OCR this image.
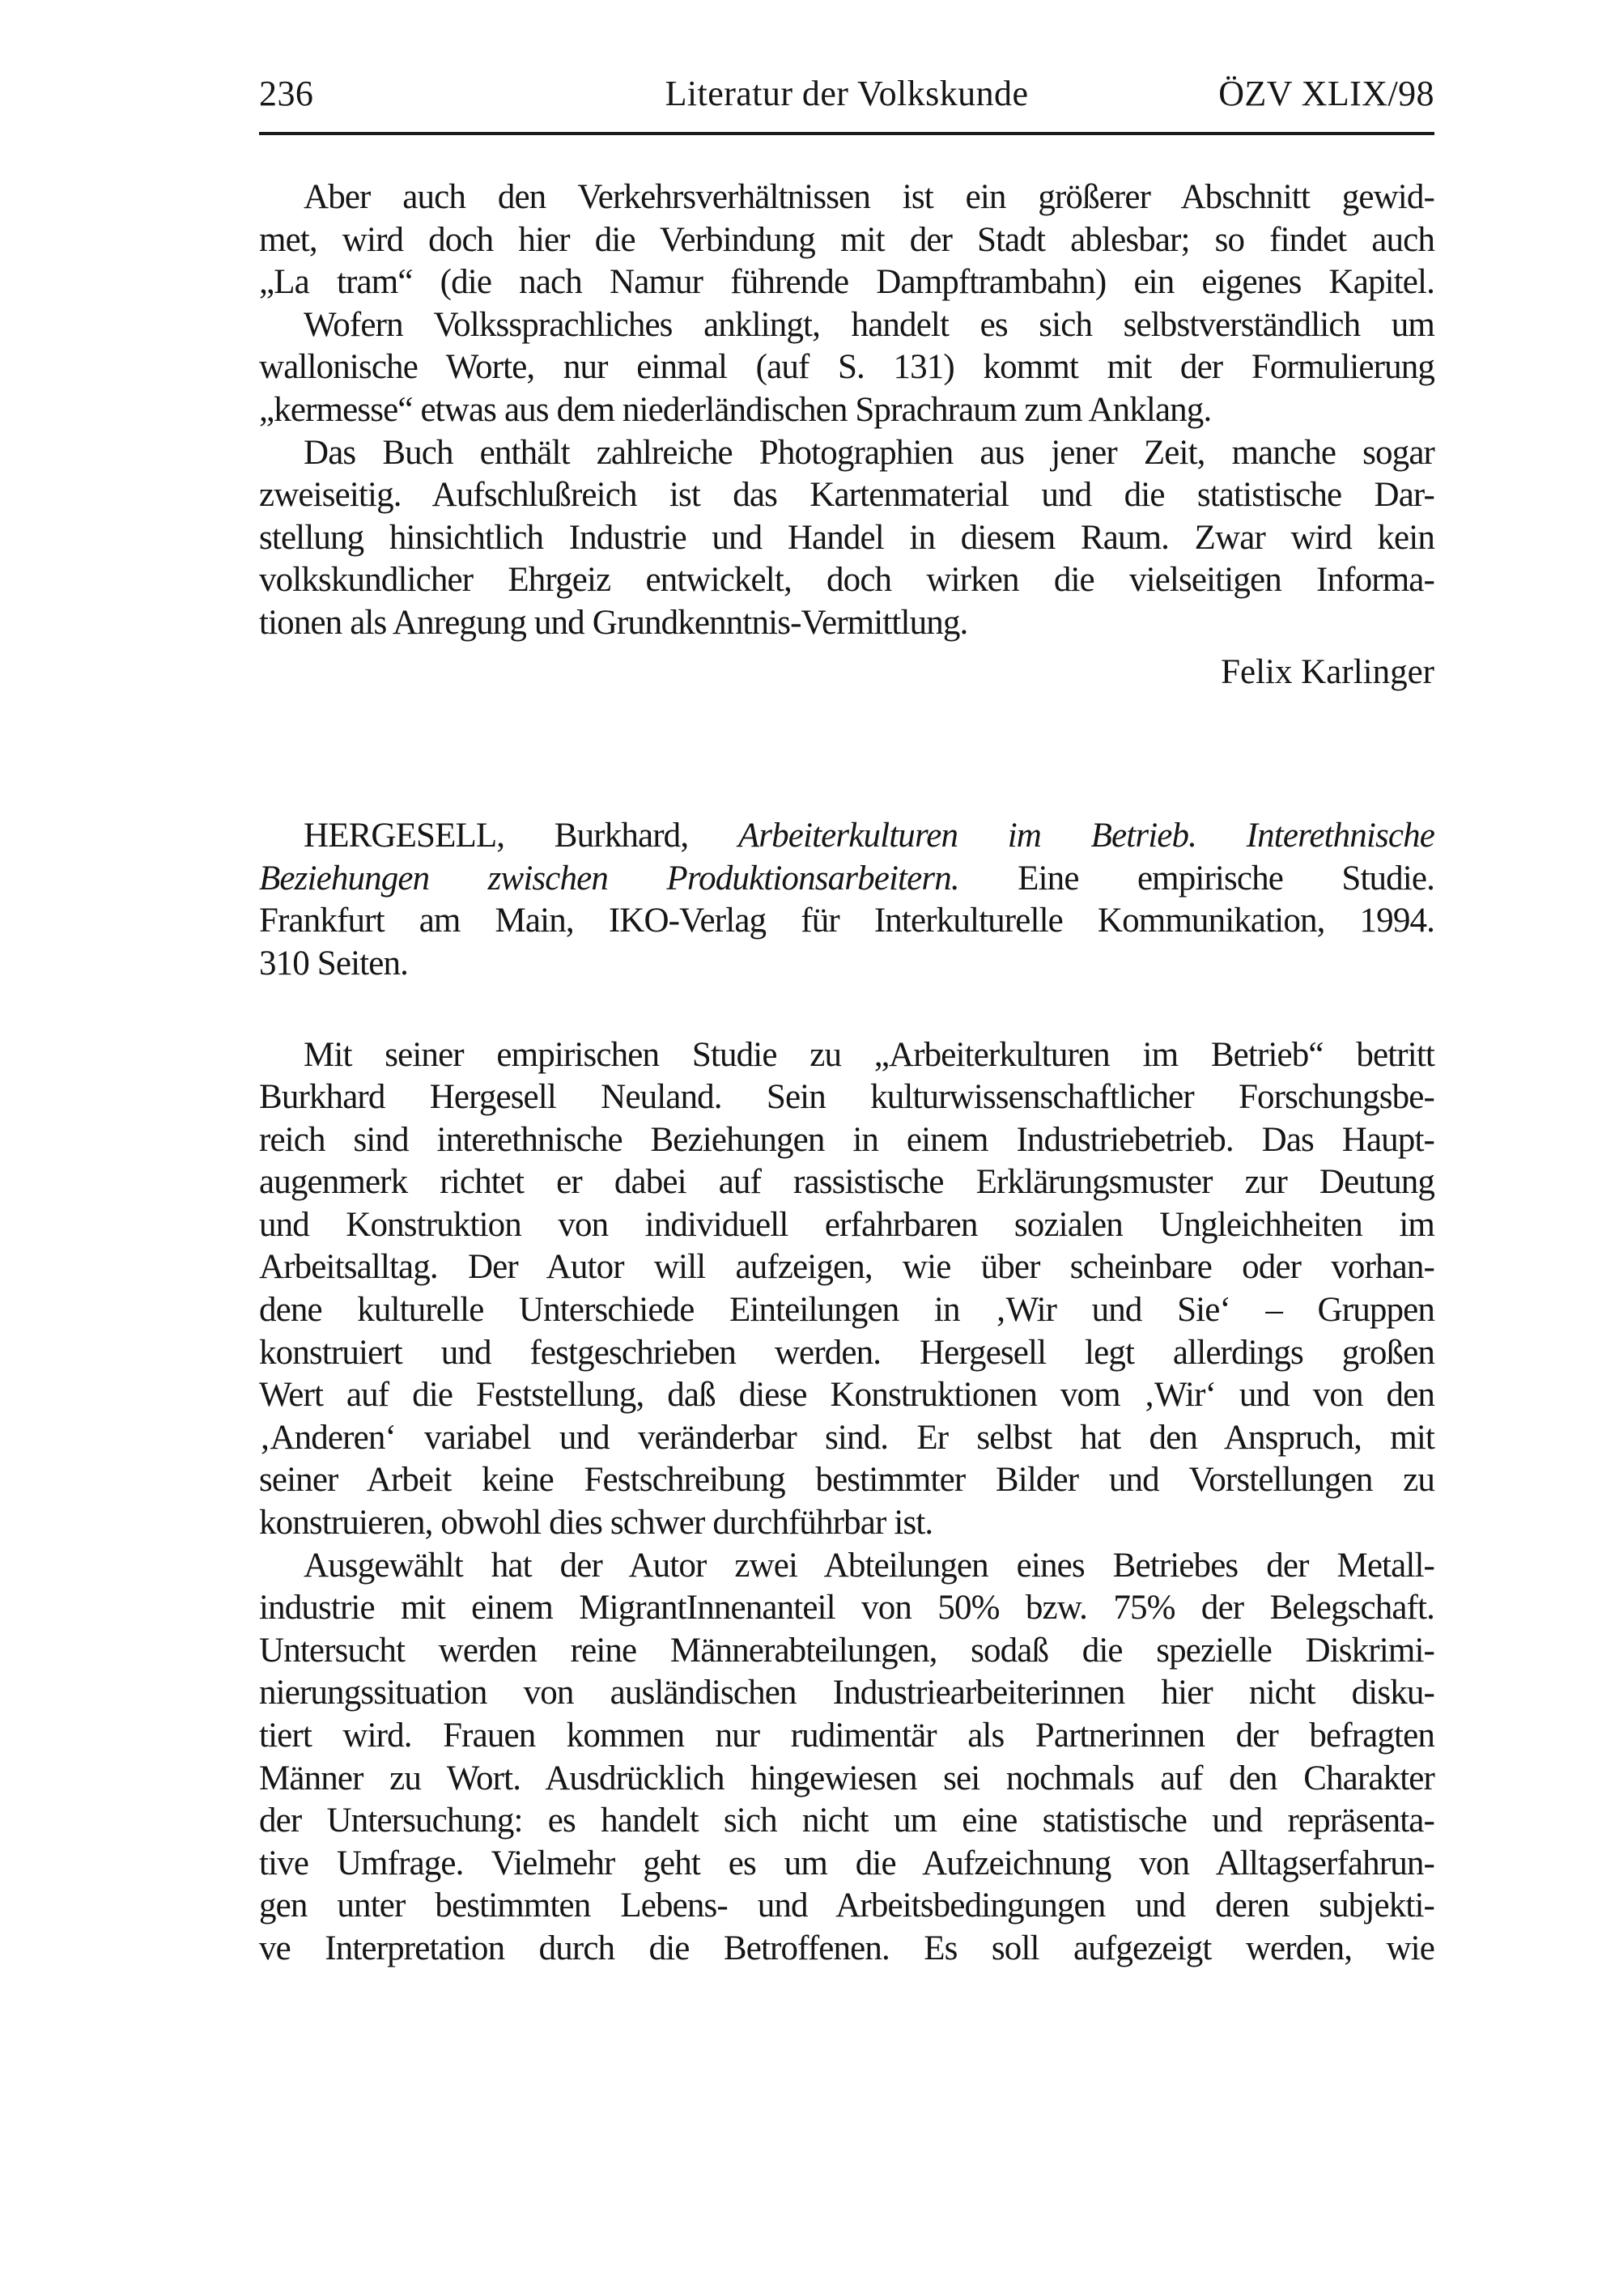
236	Literatur der Volkskunde	ÖZV XLIX/98
Aber auch den Verkehrsverhältnissen ist ein größerer Abschnitt gewid-
met, wird doch hier die Verbindung mit der Stadt ablesbar; so findet auch
„La tram“ (die nach Namur führende Dampftrambahn) ein eigenes Kapitel.
Wofern Volkssprachliches anklingt, handelt es sich selbstverständlich um
wallonische Worte, nur einmal (auf S. 131) kommt mit der Formulierung
„kermesse“ etwas aus dem niederländischen Sprachraum zum Anklang.
Das Buch enthält zahlreiche Photographien aus jener Zeit, manche sogar
zweiseitig. Aufschlußreich ist das Kartenmaterial und die statistische Dar-
stellung hinsichtlich Industrie und Handel in diesem Raum. Zwar wird kein
volkskundlicher Ehrgeiz entwickelt, doch wirken die vielseitigen Informa-
tionen als Anregung und Grundkenntnis-Vermittlung.
Felix Karlinger
HERGESELL, Burkhard, Arbeiterkulturen im Betrieb. Interethnische
Beziehungen zwischen Produktionsarbeitern. Eine empirische Studie.
Frankfurt am Main, IKO-Verlag für Interkulturelle Kommunikation, 1994.
310 Seiten.
Mit seiner empirischen Studie zu „Arbeiterkulturen im Betrieb“ betritt
Burkhard Hergesell Neuland. Sein kulturwissenschaftlicher Forschungsbe-
reich sind interethnische Beziehungen in einem Industriebetrieb. Das Haupt-
augenmerk richtet er dabei auf rassistische Erklärungsmuster zur Deutung
und Konstruktion von individuell erfahrbaren sozialen Ungleichheiten im
Arbeitsalltag. Der Autor will aufzeigen, wie über scheinbare oder vorhan-
dene kulturelle Unterschiede Einteilungen in ‚Wir und Sie‘ – Gruppen
konstruiert und festgeschrieben werden. Hergesell legt allerdings großen
Wert auf die Feststellung, daß diese Konstruktionen vom ‚Wir‘ und von den
‚Anderen‘ variabel und veränderbar sind. Er selbst hat den Anspruch, mit
seiner Arbeit keine Festschreibung bestimmter Bilder und Vorstellungen zu
konstruieren, obwohl dies schwer durchführbar ist.
Ausgewählt hat der Autor zwei Abteilungen eines Betriebes der Metall-
industrie mit einem MigrantInnenanteil von 50% bzw. 75% der Belegschaft.
Untersucht werden reine Männerabteilungen, sodaß die spezielle Diskrimi-
nierungssituation von ausländischen Industriearbeiterinnen hier nicht disku-
tiert wird. Frauen kommen nur rudimentär als Partnerinnen der befragten
Männer zu Wort. Ausdrücklich hingewiesen sei nochmals auf den Charakter
der Untersuchung: es handelt sich nicht um eine statistische und repräsenta-
tive Umfrage. Vielmehr geht es um die Aufzeichnung von Alltagserfahrun-
gen unter bestimmten Lebens- und Arbeitsbedingungen und deren subjekti-
ve Interpretation durch die Betroffenen. Es soll aufgezeigt werden, wie
